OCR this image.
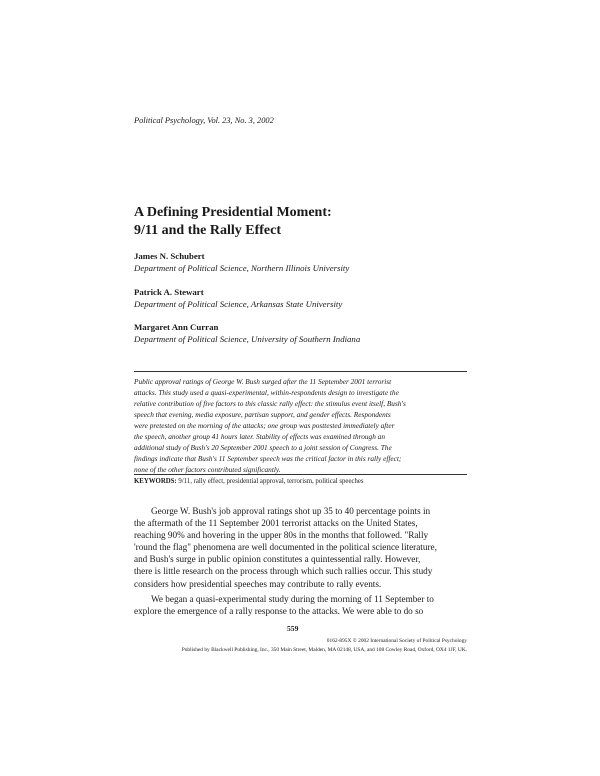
Political Psychology, Vol. 23, No. 3, 2002
A Defining Presidential Moment:
9/11 and the Rally Effect
James N. Schubert
Department of Political Science, Northern Illinois University
Patrick A. Stewart
Department of Political Science, Arkansas State University
Margaret Ann Curran
Department of Political Science, University of Southern Indiana
Public approval ratings of George W. Bush surged after the 11 September 2001 terrorist
attacks. This study used a quasi-experimental, within-respondents design to investigate the
relative contribution of five factors to this classic rally effect: the stimulus event itself, Bush's
speech that evening, media exposure, partisan support, and gender effects. Respondents
were pretested on the morning of the attacks; one group was posttested immediately after
the speech, another group 41 hours later. Stability of effects was examined through an
additional study of Bush's 20 September 2001 speech to a joint session of Congress. The
findings indicate that Bush's 11 September speech was the critical factor in this rally effect;
none of the other factors contributed significantly.
KEYWORDS: 9/11, rally effect, presidential approval, terrorism, political speeches
George W. Bush's job approval ratings shot up 35 to 40 percentage points in
the aftermath of the 11 September 2001 terrorist attacks on the United States,
reaching 90% and hovering in the upper 80s in the months that followed. "Rally
'round the flag" phenomena are well documented in the political science literature,
and Bush's surge in public opinion constitutes a quintessential rally. However,
there is little research on the process through which such rallies occur. This study
considers how presidential speeches may contribute to rally events.
We began a quasi-experimental study during the morning of 11 September to
explore the emergence of a rally response to the attacks. We were able to do so
559
0162-895X © 2002 International Society of Political Psychology
Published by Blackwell Publishing, Inc., 350 Main Street, Malden, MA 02148, USA, and 108 Cowley Road, Oxford, OX4 1JF, UK.
